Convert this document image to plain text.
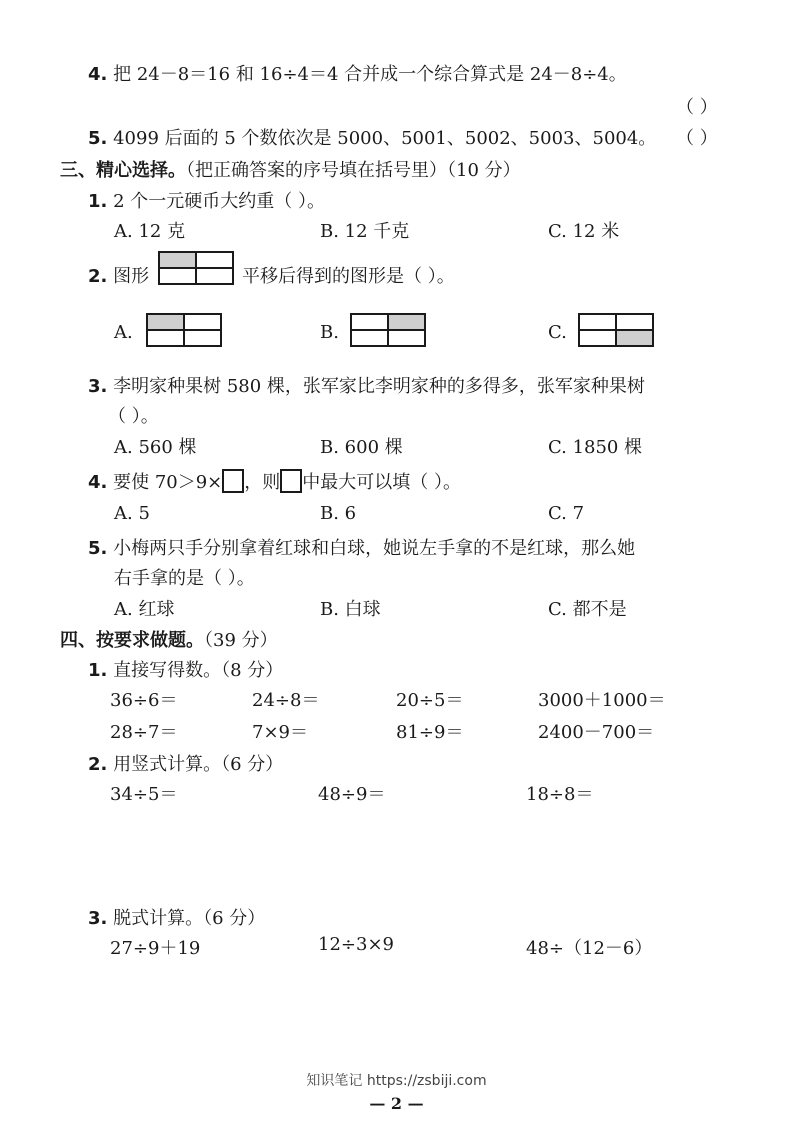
4. 把 24－8＝16 和 16÷4＝4 合并成一个综合算式是 24－8÷4。
（ ）
5. 4099 后面的 5 个数依次是 5000、5001、5002、5003、5004。 （ ）
三、精心选择。（把正确答案的序号填在括号里）（10 分）
1. 2 个一元硬币大约重（ ）。
A. 12 克	B. 12 千克	C. 12 米
2. 图形	平移后得到的图形是（ ）。
A.	B.	C.
3. 李明家种果树 580 棵，张军家比李明家种的多得多，张军家种果树
（ ）。
A. 560 棵	B. 600 棵	C. 1850 棵
4. 要使 70＞9× ，则 中最大可以填（ ）。
A. 5	B. 6	C. 7
5. 小梅两只手分别拿着红球和白球，她说左手拿的不是红球，那么她
右手拿的是（ ）。
A. 红球	B. 白球	C. 都不是
四、按要求做题。（39 分）
1. 直接写得数。（8 分）
36÷6＝	24÷8＝	20÷5＝	3000＋1000＝
28÷7＝	7×9＝	81÷9＝	2400－700＝
2. 用竖式计算。（6 分）
34÷5＝	48÷9＝	18÷8＝
3. 脱式计算。（6 分）
27÷9＋19	12÷3×9	48÷（12－6）
知识笔记 https://zsbiji.com
— 2 —
